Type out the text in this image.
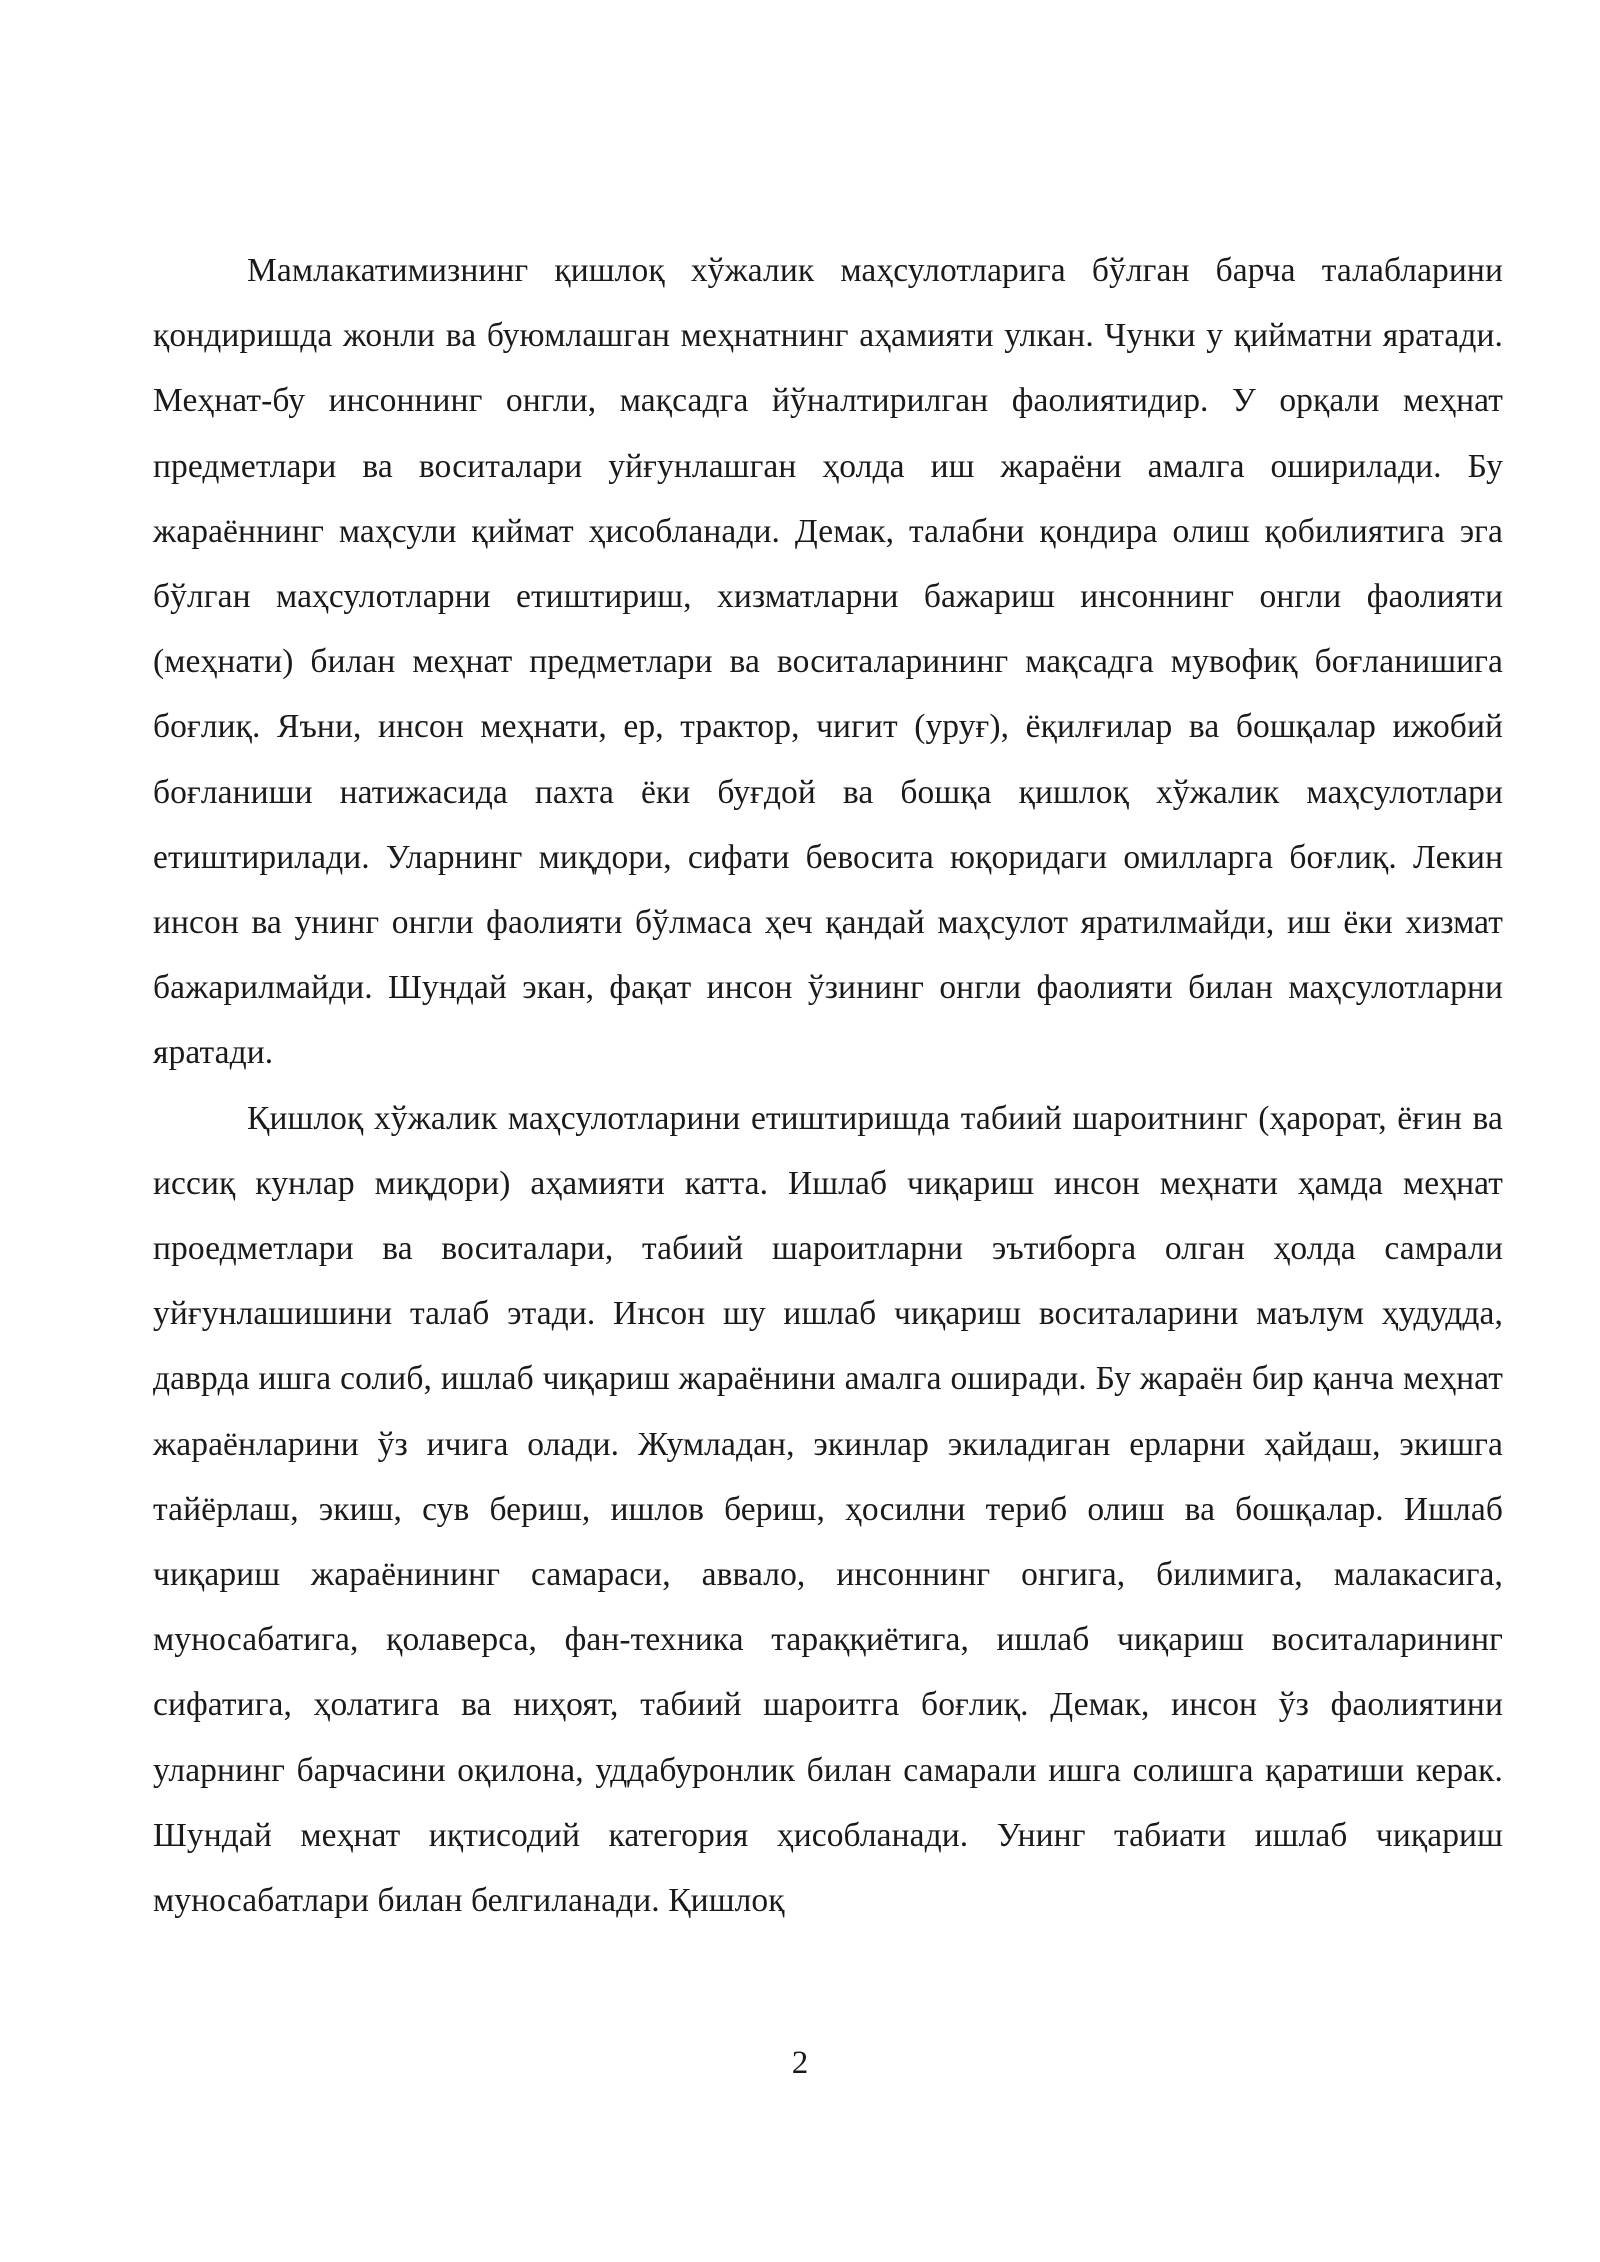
Мамлакатимизнинг қишлоқ хўжалик маҳсулотларига бўлган барча талабларини қондиришда жонли ва буюмлашган меҳнатнинг аҳамияти улкан. Чунки у қийматни яратади. Меҳнат-бу инсоннинг онгли, мақсадга йўналтирилган фаолиятидир. У орқали меҳнат предметлари ва воситалари уйғунлашган ҳолда иш жараёни амалга оширилади. Бу жараённинг маҳсули қиймат ҳисобланади. Демак, талабни қондира олиш қобилиятига эга бўлган маҳсулотларни етиштириш, хизматларни бажариш инсоннинг онгли фаолияти (меҳнати) билан меҳнат предметлари ва воситаларининг мақсадга мувофиқ боғланишига боғлиқ. Яъни, инсон меҳнати, ер, трактор, чигит (уруғ), ёқилғилар ва бошқалар ижобий боғланиши натижасида пахта ёки буғдой ва бошқа қишлоқ хўжалик маҳсулотлари етиштирилади. Уларнинг миқдори, сифати бевосита юқоридаги омилларга боғлиқ. Лекин инсон ва унинг онгли фаолияти бўлмаса ҳеч қандай маҳсулот яратилмайди, иш ёки хизмат бажарилмайди. Шундай экан, фақат инсон ўзининг онгли фаолияти билан маҳсулотларни яратади.

Қишлоқ хўжалик маҳсулотларини етиштиришда табиий шароитнинг (ҳарорат, ёғин ва иссиқ кунлар миқдори) аҳамияти катта. Ишлаб чиқариш инсон меҳнати ҳамда меҳнат проедметлари ва воситалари, табиий шароитларни эътиборга олган ҳолда самрали уйғунлашишини талаб этади. Инсон шу ишлаб чиқариш воситаларини маълум ҳудудда, даврда ишга солиб, ишлаб чиқариш жараёнини амалга оширади. Бу жараён бир қанча меҳнат жараёнларини ўз ичига олади. Жумладан, экинлар экиладиган ерларни ҳайдаш, экишга тайёрлаш, экиш, сув бериш, ишлов бериш, ҳосилни териб олиш ва бошқалар. Ишлаб чиқариш жараёнининг самараси, аввало, инсоннинг онгига, билимига, малакасига, муносабатига, қолаверса, фан-техника тараққиётига, ишлаб чиқариш воситаларининг сифатига, ҳолатига ва ниҳоят, табиий шароитга боғлиқ. Демак, инсон ўз фаолиятини уларнинг барчасини оқилона, уддабуронлик билан самарали ишга солишга қаратиши керак. Шундай меҳнат иқтисодий категория ҳисобланади. Унинг табиати ишлаб чиқариш муносабатлари билан белгиланади. Қишлоқ

2
